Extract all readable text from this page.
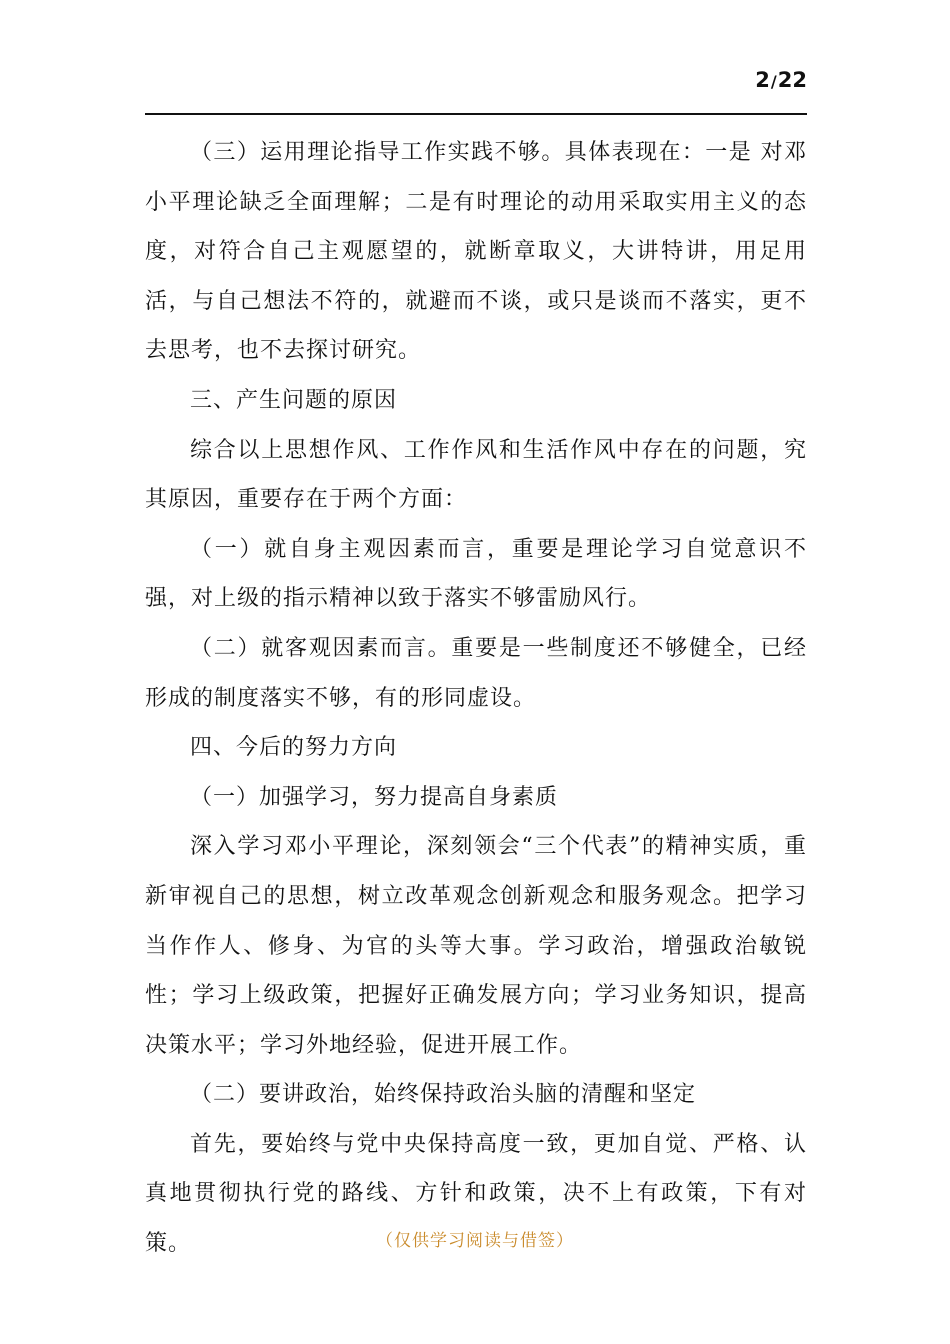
2/22

（三）运用理论指导工作实践不够。具体表现在：一是 对邓小平理论缺乏全面理解；二是有时理论的动用采取实用主义的态度，对符合自己主观愿望的，就断章取义，大讲特讲，用足用活，与自己想法不符的，就避而不谈，或只是谈而不落实，更不去思考，也不去探讨研究。

三、产生问题的原因

综合以上思想作风、工作作风和生活作风中存在的问题，究其原因，重要存在于两个方面：

（一）就自身主观因素而言，重要是理论学习自觉意识不强，对上级的指示精神以致于落实不够雷励风行。

（二）就客观因素而言。重要是一些制度还不够健全，已经形成的制度落实不够，有的形同虚设。

四、今后的努力方向

（一）加强学习，努力提高自身素质

深入学习邓小平理论，深刻领会“三个代表”的精神实质，重新审视自己的思想，树立改革观念创新观念和服务观念。把学习当作作人、修身、为官的头等大事。学习政治，增强政治敏锐性；学习上级政策，把握好正确发展方向；学习业务知识，提高决策水平；学习外地经验，促进开展工作。

（二）要讲政治，始终保持政治头脑的清醒和坚定

首先，要始终与党中央保持高度一致，更加自觉、严格、认真地贯彻执行党的路线、方针和政策，决不上有政策，下有对策。	（仅供学习阅读与借签）
